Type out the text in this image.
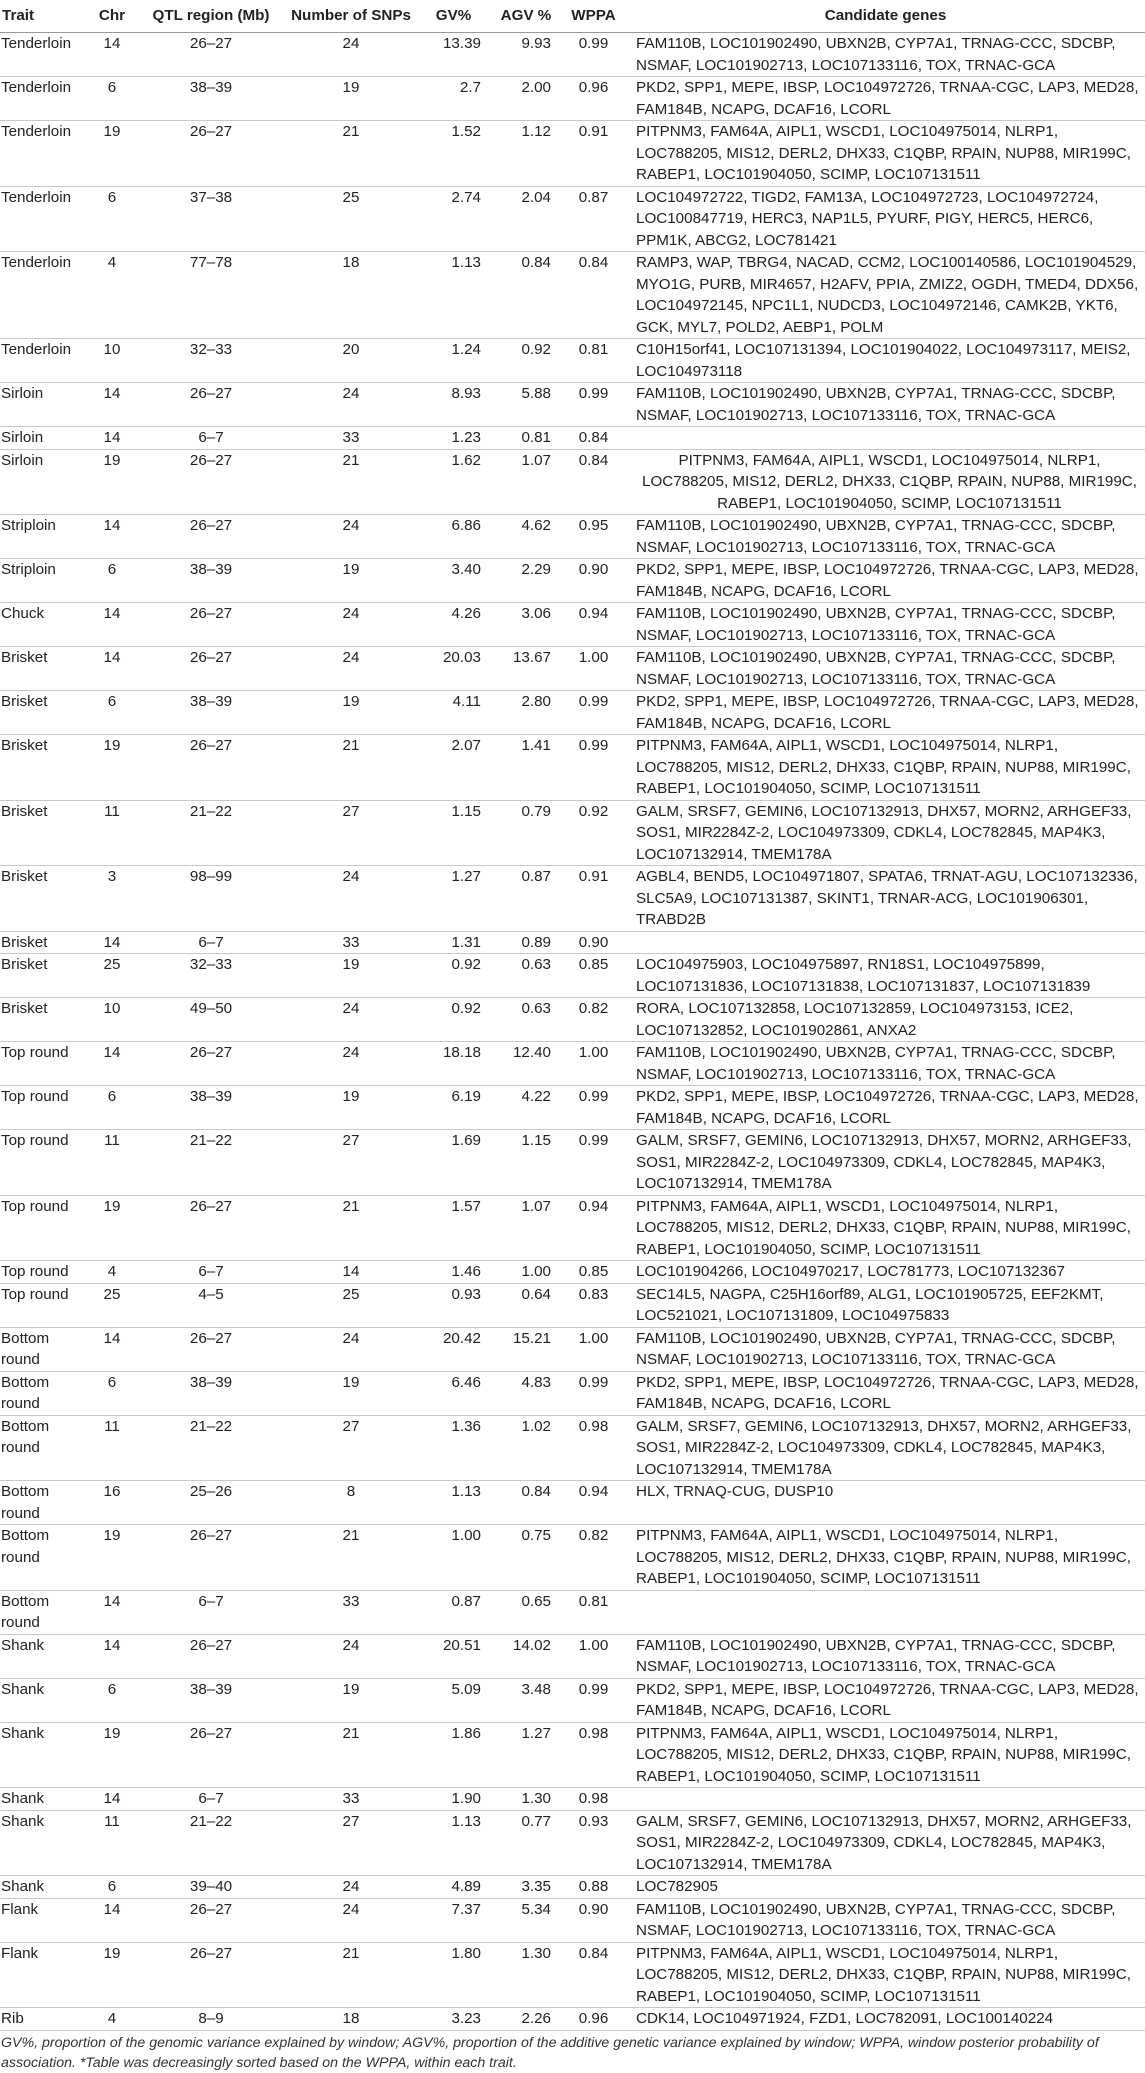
Trait	Chr	QTL region (Mb)	Number of SNPs	GV%	AGV %	WPPA	Candidate genes
Tenderloin	14	26–27	24	13.39	9.93	0.99	FAM110B, LOC101902490, UBXN2B, CYP7A1, TRNAG-CCC, SDCBP, NSMAF, LOC101902713, LOC107133116, TOX, TRNAC-GCA
Tenderloin	6	38–39	19	2.7	2.00	0.96	PKD2, SPP1, MEPE, IBSP, LOC104972726, TRNAA-CGC, LAP3, MED28, FAM184B, NCAPG, DCAF16, LCORL
Tenderloin	19	26–27	21	1.52	1.12	0.91	PITPNM3, FAM64A, AIPL1, WSCD1, LOC104975014, NLRP1, LOC788205, MIS12, DERL2, DHX33, C1QBP, RPAIN, NUP88, MIR199C, RABEP1, LOC101904050, SCIMP, LOC107131511
Tenderloin	6	37–38	25	2.74	2.04	0.87	LOC104972722, TIGD2, FAM13A, LOC104972723, LOC104972724, LOC100847719, HERC3, NAP1L5, PYURF, PIGY, HERC5, HERC6, PPM1K, ABCG2, LOC781421
Tenderloin	4	77–78	18	1.13	0.84	0.84	RAMP3, WAP, TBRG4, NACAD, CCM2, LOC100140586, LOC101904529, MYO1G, PURB, MIR4657, H2AFV, PPIA, ZMIZ2, OGDH, TMED4, DDX56, LOC104972145, NPC1L1, NUDCD3, LOC104972146, CAMK2B, YKT6, GCK, MYL7, POLD2, AEBP1, POLM
Tenderloin	10	32–33	20	1.24	0.92	0.81	C10H15orf41, LOC107131394, LOC101904022, LOC104973117, MEIS2, LOC104973118
Sirloin	14	26–27	24	8.93	5.88	0.99	FAM110B, LOC101902490, UBXN2B, CYP7A1, TRNAG-CCC, SDCBP, NSMAF, LOC101902713, LOC107133116, TOX, TRNAC-GCA
Sirloin	14	6–7	33	1.23	0.81	0.84	
Sirloin	19	26–27	21	1.62	1.07	0.84	PITPNM3, FAM64A, AIPL1, WSCD1, LOC104975014, NLRP1, LOC788205, MIS12, DERL2, DHX33, C1QBP, RPAIN, NUP88, MIR199C, RABEP1, LOC101904050, SCIMP, LOC107131511
Striploin	14	26–27	24	6.86	4.62	0.95	FAM110B, LOC101902490, UBXN2B, CYP7A1, TRNAG-CCC, SDCBP, NSMAF, LOC101902713, LOC107133116, TOX, TRNAC-GCA
Striploin	6	38–39	19	3.40	2.29	0.90	PKD2, SPP1, MEPE, IBSP, LOC104972726, TRNAA-CGC, LAP3, MED28, FAM184B, NCAPG, DCAF16, LCORL
Chuck	14	26–27	24	4.26	3.06	0.94	FAM110B, LOC101902490, UBXN2B, CYP7A1, TRNAG-CCC, SDCBP, NSMAF, LOC101902713, LOC107133116, TOX, TRNAC-GCA
Brisket	14	26–27	24	20.03	13.67	1.00	FAM110B, LOC101902490, UBXN2B, CYP7A1, TRNAG-CCC, SDCBP, NSMAF, LOC101902713, LOC107133116, TOX, TRNAC-GCA
Brisket	6	38–39	19	4.11	2.80	0.99	PKD2, SPP1, MEPE, IBSP, LOC104972726, TRNAA-CGC, LAP3, MED28, FAM184B, NCAPG, DCAF16, LCORL
Brisket	19	26–27	21	2.07	1.41	0.99	PITPNM3, FAM64A, AIPL1, WSCD1, LOC104975014, NLRP1, LOC788205, MIS12, DERL2, DHX33, C1QBP, RPAIN, NUP88, MIR199C, RABEP1, LOC101904050, SCIMP, LOC107131511
Brisket	11	21–22	27	1.15	0.79	0.92	GALM, SRSF7, GEMIN6, LOC107132913, DHX57, MORN2, ARHGEF33, SOS1, MIR2284Z-2, LOC104973309, CDKL4, LOC782845, MAP4K3, LOC107132914, TMEM178A
Brisket	3	98–99	24	1.27	0.87	0.91	AGBL4, BEND5, LOC104971807, SPATA6, TRNAT-AGU, LOC107132336, SLC5A9, LOC107131387, SKINT1, TRNAR-ACG, LOC101906301, TRABD2B
Brisket	14	6–7	33	1.31	0.89	0.90	
Brisket	25	32–33	19	0.92	0.63	0.85	LOC104975903, LOC104975897, RN18S1, LOC104975899, LOC107131836, LOC107131838, LOC107131837, LOC107131839
Brisket	10	49–50	24	0.92	0.63	0.82	RORA, LOC107132858, LOC107132859, LOC104973153, ICE2, LOC107132852, LOC101902861, ANXA2
Top round	14	26–27	24	18.18	12.40	1.00	FAM110B, LOC101902490, UBXN2B, CYP7A1, TRNAG-CCC, SDCBP, NSMAF, LOC101902713, LOC107133116, TOX, TRNAC-GCA
Top round	6	38–39	19	6.19	4.22	0.99	PKD2, SPP1, MEPE, IBSP, LOC104972726, TRNAA-CGC, LAP3, MED28, FAM184B, NCAPG, DCAF16, LCORL
Top round	11	21–22	27	1.69	1.15	0.99	GALM, SRSF7, GEMIN6, LOC107132913, DHX57, MORN2, ARHGEF33, SOS1, MIR2284Z-2, LOC104973309, CDKL4, LOC782845, MAP4K3, LOC107132914, TMEM178A
Top round	19	26–27	21	1.57	1.07	0.94	PITPNM3, FAM64A, AIPL1, WSCD1, LOC104975014, NLRP1, LOC788205, MIS12, DERL2, DHX33, C1QBP, RPAIN, NUP88, MIR199C, RABEP1, LOC101904050, SCIMP, LOC107131511
Top round	4	6–7	14	1.46	1.00	0.85	LOC101904266, LOC104970217, LOC781773, LOC107132367
Top round	25	4–5	25	0.93	0.64	0.83	SEC14L5, NAGPA, C25H16orf89, ALG1, LOC101905725, EEF2KMT, LOC521021, LOC107131809, LOC104975833
Bottom round	14	26–27	24	20.42	15.21	1.00	FAM110B, LOC101902490, UBXN2B, CYP7A1, TRNAG-CCC, SDCBP, NSMAF, LOC101902713, LOC107133116, TOX, TRNAC-GCA
Bottom round	6	38–39	19	6.46	4.83	0.99	PKD2, SPP1, MEPE, IBSP, LOC104972726, TRNAA-CGC, LAP3, MED28, FAM184B, NCAPG, DCAF16, LCORL
Bottom round	11	21–22	27	1.36	1.02	0.98	GALM, SRSF7, GEMIN6, LOC107132913, DHX57, MORN2, ARHGEF33, SOS1, MIR2284Z-2, LOC104973309, CDKL4, LOC782845, MAP4K3, LOC107132914, TMEM178A
Bottom round	16	25–26	8	1.13	0.84	0.94	HLX, TRNAQ-CUG, DUSP10
Bottom round	19	26–27	21	1.00	0.75	0.82	PITPNM3, FAM64A, AIPL1, WSCD1, LOC104975014, NLRP1, LOC788205, MIS12, DERL2, DHX33, C1QBP, RPAIN, NUP88, MIR199C, RABEP1, LOC101904050, SCIMP, LOC107131511
Bottom round	14	6–7	33	0.87	0.65	0.81	
Shank	14	26–27	24	20.51	14.02	1.00	FAM110B, LOC101902490, UBXN2B, CYP7A1, TRNAG-CCC, SDCBP, NSMAF, LOC101902713, LOC107133116, TOX, TRNAC-GCA
Shank	6	38–39	19	5.09	3.48	0.99	PKD2, SPP1, MEPE, IBSP, LOC104972726, TRNAA-CGC, LAP3, MED28, FAM184B, NCAPG, DCAF16, LCORL
Shank	19	26–27	21	1.86	1.27	0.98	PITPNM3, FAM64A, AIPL1, WSCD1, LOC104975014, NLRP1, LOC788205, MIS12, DERL2, DHX33, C1QBP, RPAIN, NUP88, MIR199C, RABEP1, LOC101904050, SCIMP, LOC107131511
Shank	14	6–7	33	1.90	1.30	0.98	
Shank	11	21–22	27	1.13	0.77	0.93	GALM, SRSF7, GEMIN6, LOC107132913, DHX57, MORN2, ARHGEF33, SOS1, MIR2284Z-2, LOC104973309, CDKL4, LOC782845, MAP4K3, LOC107132914, TMEM178A
Shank	6	39–40	24	4.89	3.35	0.88	LOC782905
Flank	14	26–27	24	7.37	5.34	0.90	FAM110B, LOC101902490, UBXN2B, CYP7A1, TRNAG-CCC, SDCBP, NSMAF, LOC101902713, LOC107133116, TOX, TRNAC-GCA
Flank	19	26–27	21	1.80	1.30	0.84	PITPNM3, FAM64A, AIPL1, WSCD1, LOC104975014, NLRP1, LOC788205, MIS12, DERL2, DHX33, C1QBP, RPAIN, NUP88, MIR199C, RABEP1, LOC101904050, SCIMP, LOC107131511
Rib	4	8–9	18	3.23	2.26	0.96	CDK14, LOC104971924, FZD1, LOC782091, LOC100140224
GV%, proportion of the genomic variance explained by window; AGV%, proportion of the additive genetic variance explained by window; WPPA, window posterior probability of association. *Table was decreasingly sorted based on the WPPA, within each trait.
